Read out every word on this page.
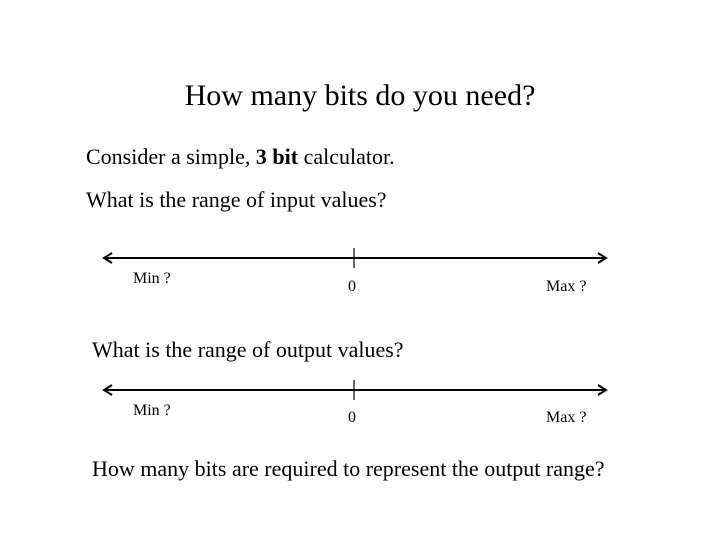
How many bits do you need?
Consider a simple, 3 bit calculator.
What is the range of input values?
Min ?	0	Max ?
What is the range of output values?
Min ?	0	Max ?
How many bits are required to represent the output range?
